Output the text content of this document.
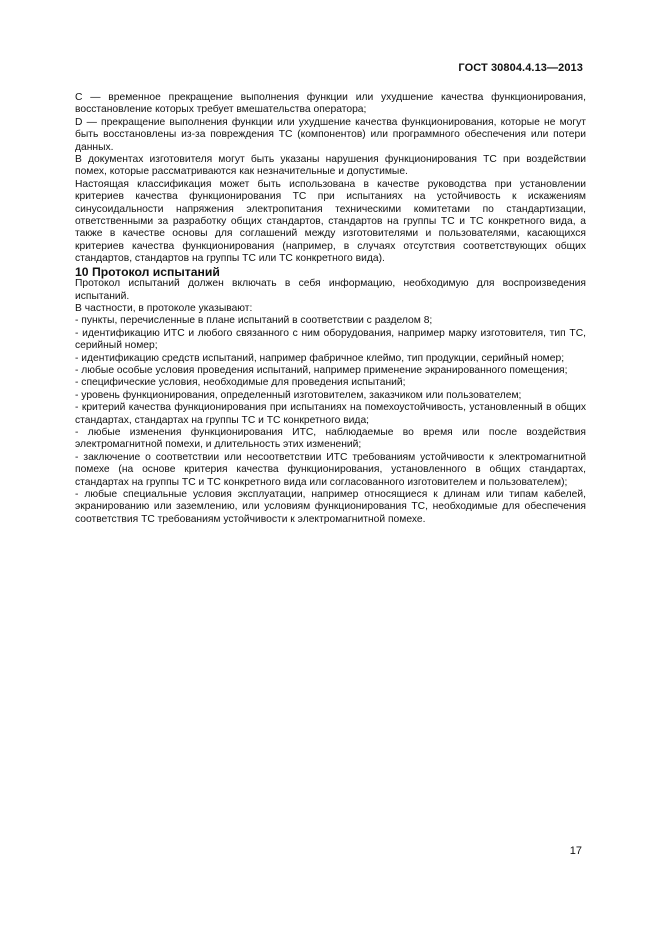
ГОСТ 30804.4.13—2013

С — временное прекращение выполнения функции или ухудшение качества функционирования, восстановление которых требует вмешательства оператора;

D — прекращение выполнения функции или ухудшение качества функционирования, которые не могут быть восстановлены из-за повреждения ТС (компонентов) или программного обеспечения или потери данных.

В документах изготовителя могут быть указаны нарушения функционирования ТС при воздействии помех, которые рассматриваются как незначительные и допустимые.

Настоящая классификация может быть использована в качестве руководства при установлении критериев качества функционирования ТС при испытаниях на устойчивость к искажениям синусоидальности напряжения электропитания техническими комитетами по стандартизации, ответственными за разработку общих стандартов, стандартов на группы ТС и ТС конкретного вида, а также в качестве основы для соглашений между изготовителями и пользователями, касающихся критериев качества функционирования (например, в случаях отсутствия соответствующих общих стандартов, стандартов на группы ТС или ТС конкретного вида).

10 Протокол испытаний

Протокол испытаний должен включать в себя информацию, необходимую для воспроизведения испытаний.

В частности, в протоколе указывают:

- пункты, перечисленные в плане испытаний в соответствии с разделом 8;

- идентификацию ИТС и любого связанного с ним оборудования, например марку изготовителя, тип ТС, серийный номер;

- идентификацию средств испытаний, например фабричное клеймо, тип продукции, серийный номер;

- любые особые условия проведения испытаний, например применение экранированного помещения;

- специфические условия, необходимые для проведения испытаний;

- уровень функционирования, определенный изготовителем, заказчиком или пользователем;

- критерий качества функционирования при испытаниях на помехоустойчивость, установленный в общих стандартах, стандартах на группы ТС и ТС конкретного вида;

- любые изменения функционирования ИТС, наблюдаемые во время или после воздействия электромагнитной помехи, и длительность этих изменений;

- заключение о соответствии или несоответствии ИТС требованиям устойчивости к электромагнитной помехе (на основе критерия качества функционирования, установленного в общих стандартах, стандартах на группы ТС и ТС конкретного вида или согласованного изготовителем и пользователем);

- любые специальные условия эксплуатации, например относящиеся к длинам или типам кабелей, экранированию или заземлению, или условиям функционирования ТС, необходимые для обеспечения соответствия ТС требованиям устойчивости к электромагнитной помехе.

17
